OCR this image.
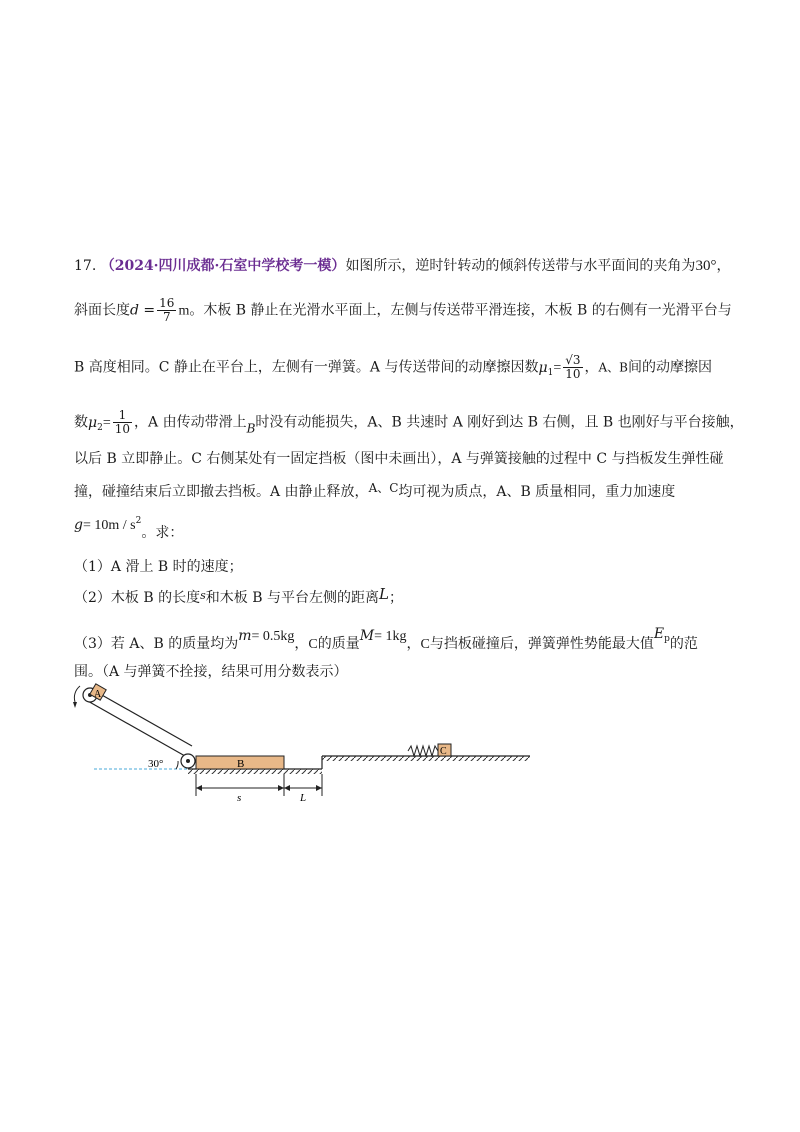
17. （2024·四川成都·石室中学校考一模）如图所示，逆时针转动的倾斜传送带与水平面间的夹角为30°，
斜面长度$d = \frac{16}{7}$ m。木板 B 静止在光滑水平面上，左侧与传送带平滑连接，木板 B 的右侧有一光滑平台与
B 高度相同。C 静止在平台上，左侧有一弹簧。A 与传送带间的动摩擦因数$\mu_1= \frac{√3}{10}$ ，A、B间的动摩擦因
数$\mu_2= \frac{1}{10}$ ，A 由传动带滑上B时没有动能损失，A、B 共速时 A 刚好到达 B 右侧，且 B 也刚好与平台接触，
以后 B 立即静止。C 右侧某处有一固定挡板（图中未画出），A 与弹簧接触的过程中 C 与挡板发生弹性碰
撞，碰撞结束后立即撤去挡板。A 由静止释放，A、C均可视为质点，A、B 质量相同，重力加速度
$g= 10m / s^2$。求：
（1）A 滑上 B 时的速度；
（2）木板 B 的长度$^s$和木板 B 与平台左侧的距离L；
（3）若 A、B 的质量均为m= 0.5kg，C的质量M= 1kg，C与挡板碰撞后，弹簧弹性势能最大值$E_p$的范
围。（A 与弹簧不拴接，结果可用分数表示）
A
30°	B
C
s	L
